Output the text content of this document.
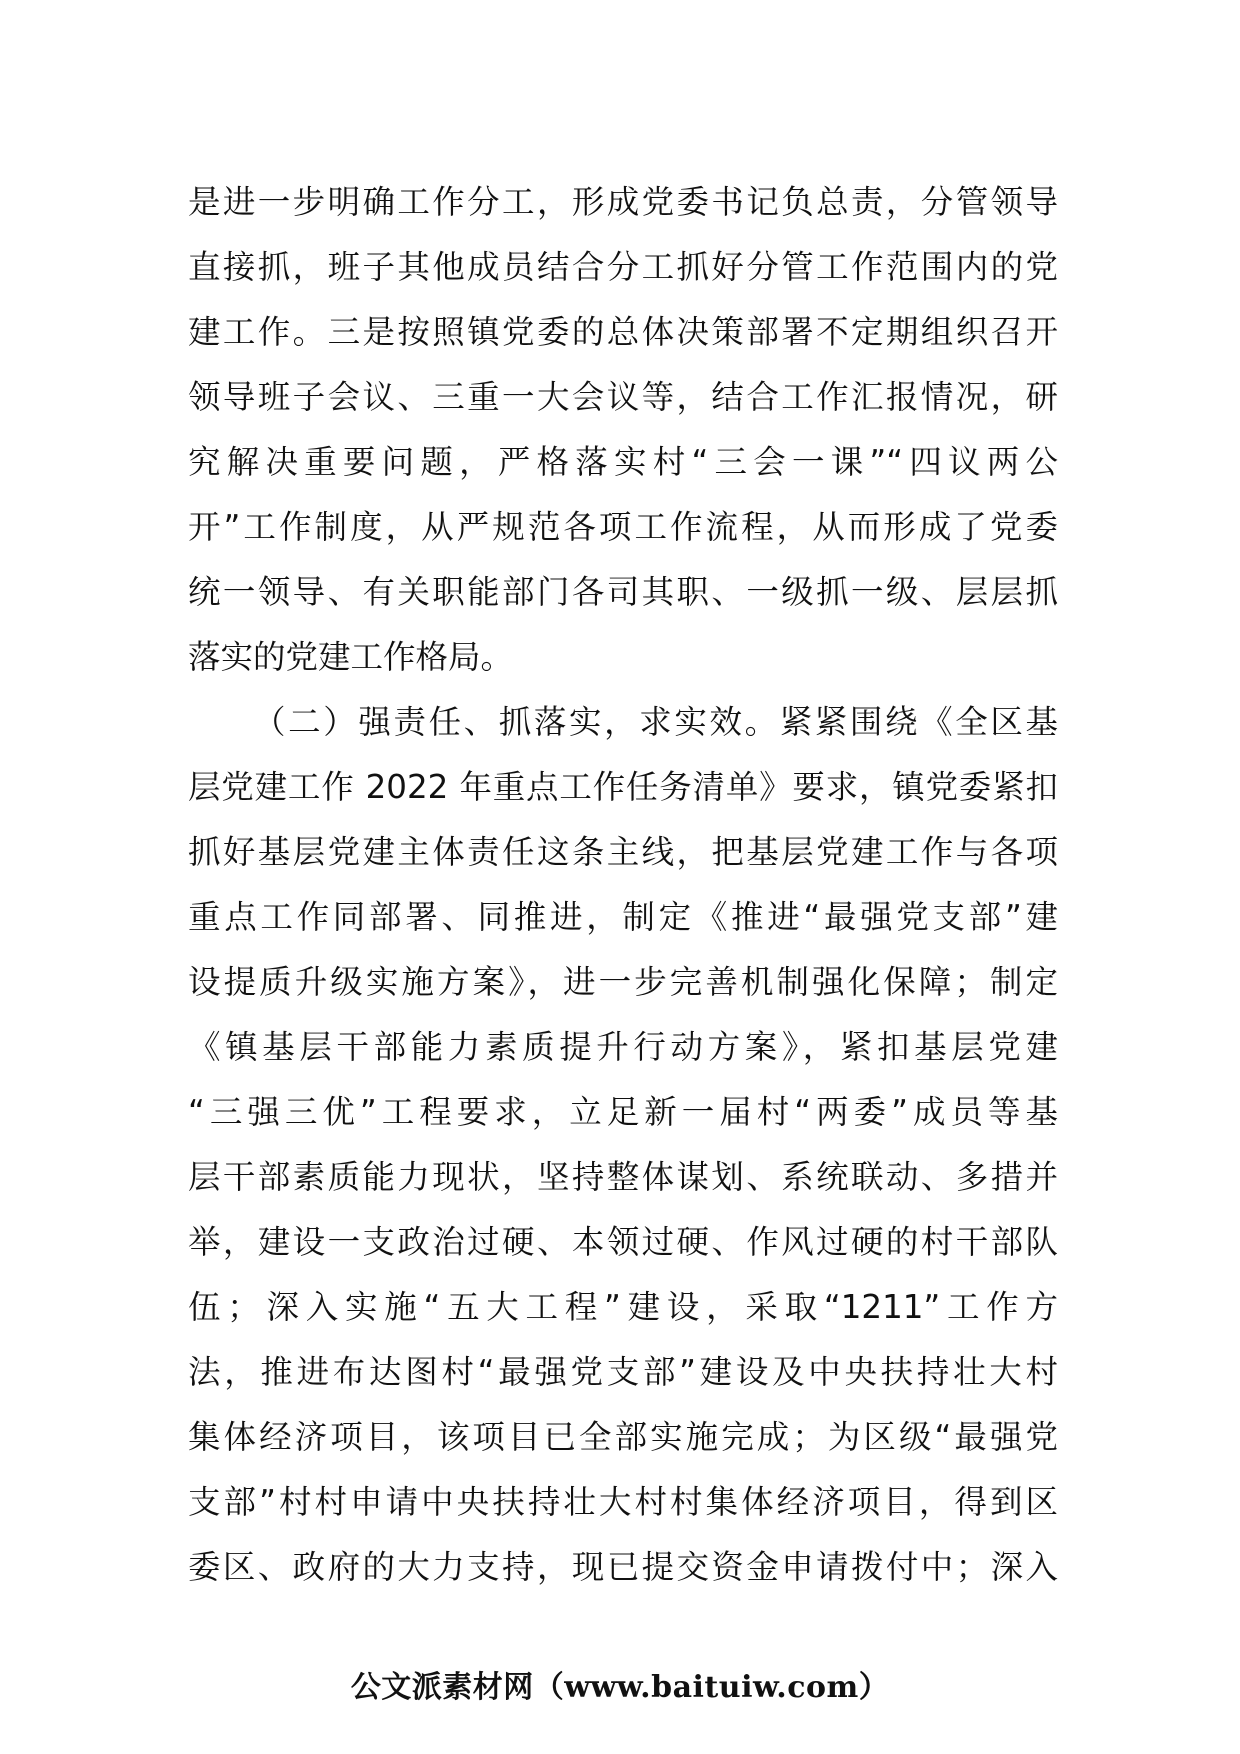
是进一步明确工作分工，形成党委书记负总责，分管领导
直接抓，班子其他成员结合分工抓好分管工作范围内的党
建工作。三是按照镇党委的总体决策部署不定期组织召开
领导班子会议、三重一大会议等，结合工作汇报情况，研
究解决重要问题，严格落实村“三会一课”“四议两公
开”工作制度，从严规范各项工作流程，从而形成了党委
统一领导、有关职能部门各司其职、一级抓一级、层层抓
落实的党建工作格局。
（二）强责任、抓落实，求实效。紧紧围绕《全区基
层党建工作 2022 年重点工作任务清单》要求，镇党委紧扣
抓好基层党建主体责任这条主线，把基层党建工作与各项
重点工作同部署、同推进，制定《推进“最强党支部”建
设提质升级实施方案》，进一步完善机制强化保障；制定
《镇基层干部能力素质提升行动方案》，紧扣基层党建
“三强三优”工程要求，立足新一届村“两委”成员等基
层干部素质能力现状，坚持整体谋划、系统联动、多措并
举，建设一支政治过硬、本领过硬、作风过硬的村干部队
伍；深入实施“五大工程”建设，采取“1211”工作方
法，推进布达图村“最强党支部”建设及中央扶持壮大村
集体经济项目，该项目已全部实施完成；为区级“最强党
支部”村村申请中央扶持壮大村村集体经济项目，得到区
委区、政府的大力支持，现已提交资金申请拨付中；深入
公文派素材网（www.baituiw.com）
